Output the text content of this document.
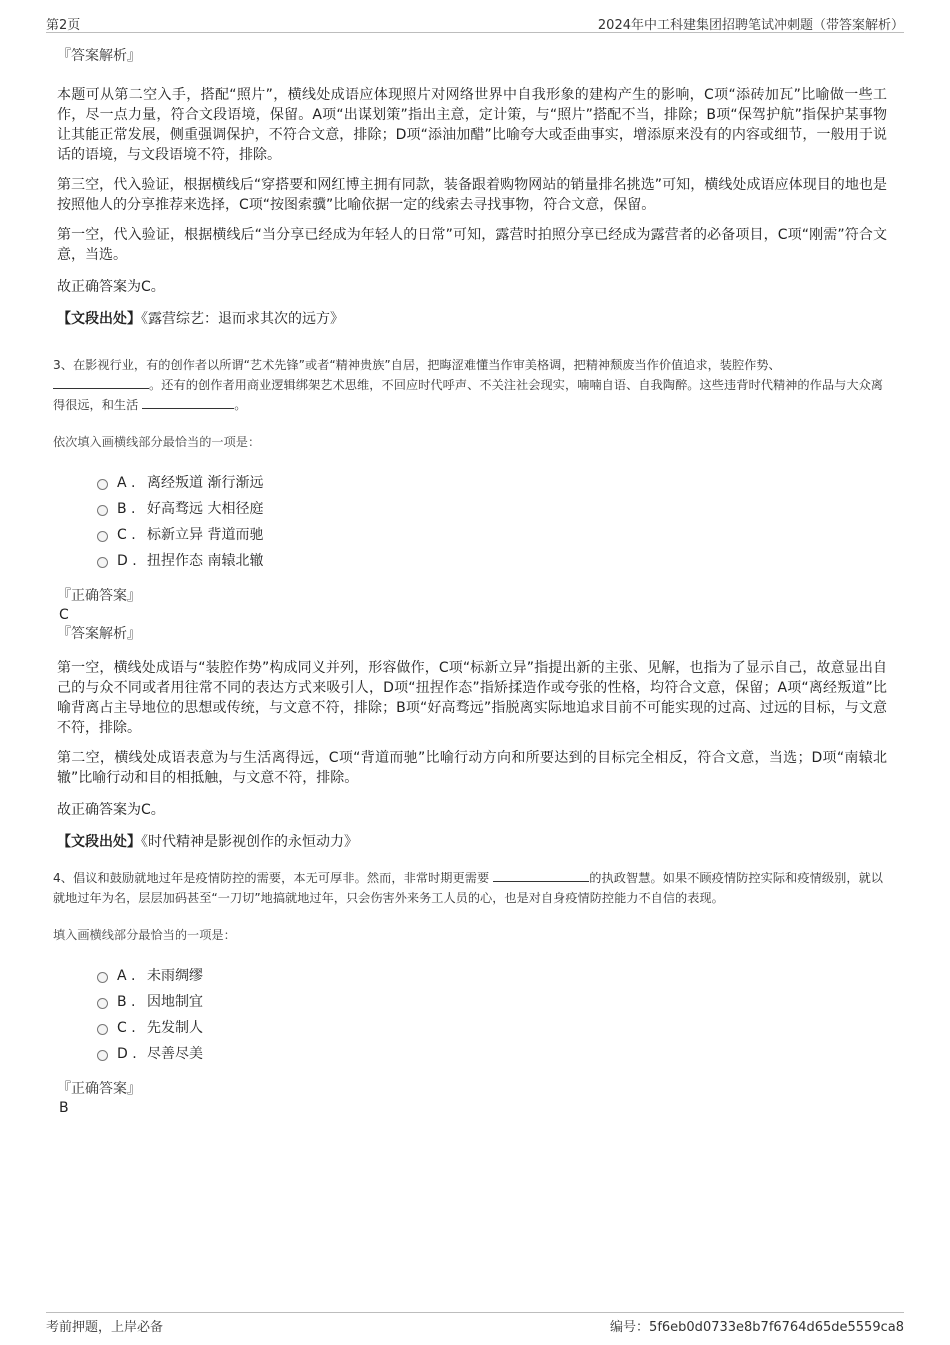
第2页	2024年中工科建集团招聘笔试冲刺题（带答案解析）
『答案解析』

本题可从第二空入手，搭配“照片”，横线处成语应体现照片对网络世界中自我形象的建构产生的影响，C项“添砖加瓦”比喻做一些工作，尽一点力量，符合文段语境，保留。A项“出谋划策”指出主意，定计策，与“照片”搭配不当，排除；B项“保驾护航”指保护某事物让其能正常发展，侧重强调保护，不符合文意，排除；D项“添油加醋”比喻夸大或歪曲事实，增添原来没有的内容或细节，一般用于说话的语境，与文段语境不符，排除。

第三空，代入验证，根据横线后“穿搭要和网红博主拥有同款，装备跟着购物网站的销量排名挑选”可知，横线处成语应体现目的地也是按照他人的分享推荐来选择，C项“按图索骥”比喻依据一定的线索去寻找事物，符合文意，保留。

第一空，代入验证，根据横线后“当分享已经成为年轻人的日常”可知，露营时拍照分享已经成为露营者的必备项目，C项“刚需”符合文意，当选。

故正确答案为C。

【文段出处】《露营综艺：退而求其次的远方》

3、在影视行业，有的创作者以所谓“艺术先锋”或者“精神贵族”自居，把晦涩难懂当作审美格调，把精神颓废当作价值追求，装腔作势、
。还有的创作者用商业逻辑绑架艺术思维，不回应时代呼声、不关注社会现实，喃喃自语、自我陶醉。这些违背时代精神的作品与大众离得很远，和生活	。
依次填入画横线部分最恰当的一项是：
A . 离经叛道 渐行渐远
B . 好高骛远 大相径庭
C . 标新立异 背道而驰
D . 扭捏作态 南辕北辙
『正确答案』
C
『答案解析』

第一空，横线处成语与“装腔作势”构成同义并列，形容做作，C项“标新立异”指提出新的主张、见解，也指为了显示自己，故意显出自己的与众不同或者用往常不同的表达方式来吸引人，D项“扭捏作态”指矫揉造作或夸张的性格，均符合文意，保留；A项“离经叛道”比喻背离占主导地位的思想或传统，与文意不符，排除；B项“好高骛远”指脱离实际地追求目前不可能实现的过高、过远的目标，与文意不符，排除。

第二空，横线处成语表意为与生活离得远，C项“背道而驰”比喻行动方向和所要达到的目标完全相反，符合文意，当选；D项“南辕北辙”比喻行动和目的相抵触，与文意不符，排除。

故正确答案为C。

【文段出处】《时代精神是影视创作的永恒动力》

4、倡议和鼓励就地过年是疫情防控的需要，本无可厚非。然而，非常时期更需要	的执政智慧。如果不顾疫情防控实际和疫情级别，就以就地过年为名，层层加码甚至“一刀切”地搞就地过年，只会伤害外来务工人员的心，也是对自身疫情防控能力不自信的表现。
填入画横线部分最恰当的一项是：
A . 未雨绸缪
B . 因地制宜
C . 先发制人
D . 尽善尽美
『正确答案』
B
考前押题，上岸必备	编号：5f6eb0d0733e8b7f6764d65de5559ca8
